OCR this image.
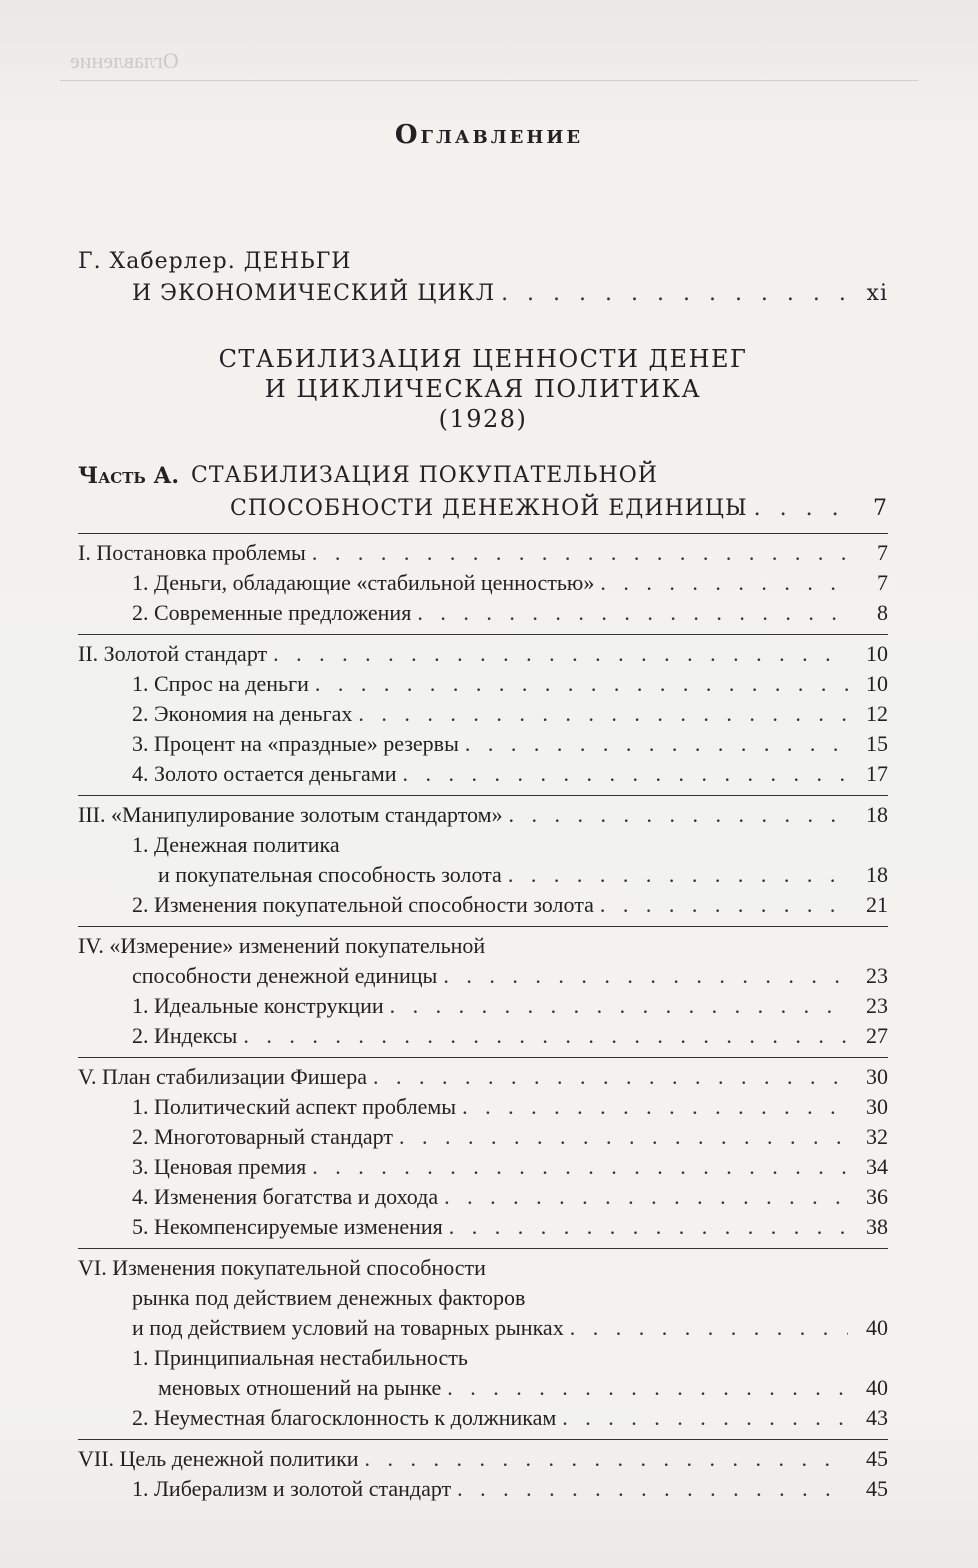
Оглавление
Оглавление
Г. Хаберлер. ДЕНЬГИ
И ЭКОНОМИЧЕСКИЙ ЦИКЛ . . .	xi
СТАБИЛИЗАЦИЯ ЦЕННОСТИ ДЕНЕГ
И ЦИКЛИЧЕСКАЯ ПОЛИТИКА
(1928)
Часть А. СТАБИЛИЗАЦИЯ ПОКУПАТЕЛЬНОЙ
СПОСОБНОСТИ ДЕНЕЖНОЙ ЕДИНИЦЫ . . .	7
I. Постановка проблемы . . .	7
1. Деньги, обладающие «стабильной ценностью» . . .	7
2. Современные предложения . . .	8
II. Золотой стандарт . . .	10
1. Спрос на деньги . . .	10
2. Экономия на деньгах . . .	12
3. Процент на «праздные» резервы . . .	15
4. Золото остается деньгами . . .	17
III. «Манипулирование золотым стандартом» . . .	18
1. Денежная политика
и покупательная способность золота . . .	18
2. Изменения покупательной способности золота . . .	21
IV. «Измерение» изменений покупательной
способности денежной единицы . . .	23
1. Идеальные конструкции . . .	23
2. Индексы . . .	27
V. План стабилизации Фишера . . .	30
1. Политический аспект проблемы . . .	30
2. Многотоварный стандарт . . .	32
3. Ценовая премия . . .	34
4. Изменения богатства и дохода . . .	36
5. Некомпенсируемые изменения . . .	38
VI. Изменения покупательной способности
рынка под действием денежных факторов
и под действием условий на товарных рынках . . .	40
1. Принципиальная нестабильность
меновых отношений на рынке . . .	40
2. Неуместная благосклонность к должникам . . .	43
VII. Цель денежной политики . . .	45
1. Либерализм и золотой стандарт . . .	45
